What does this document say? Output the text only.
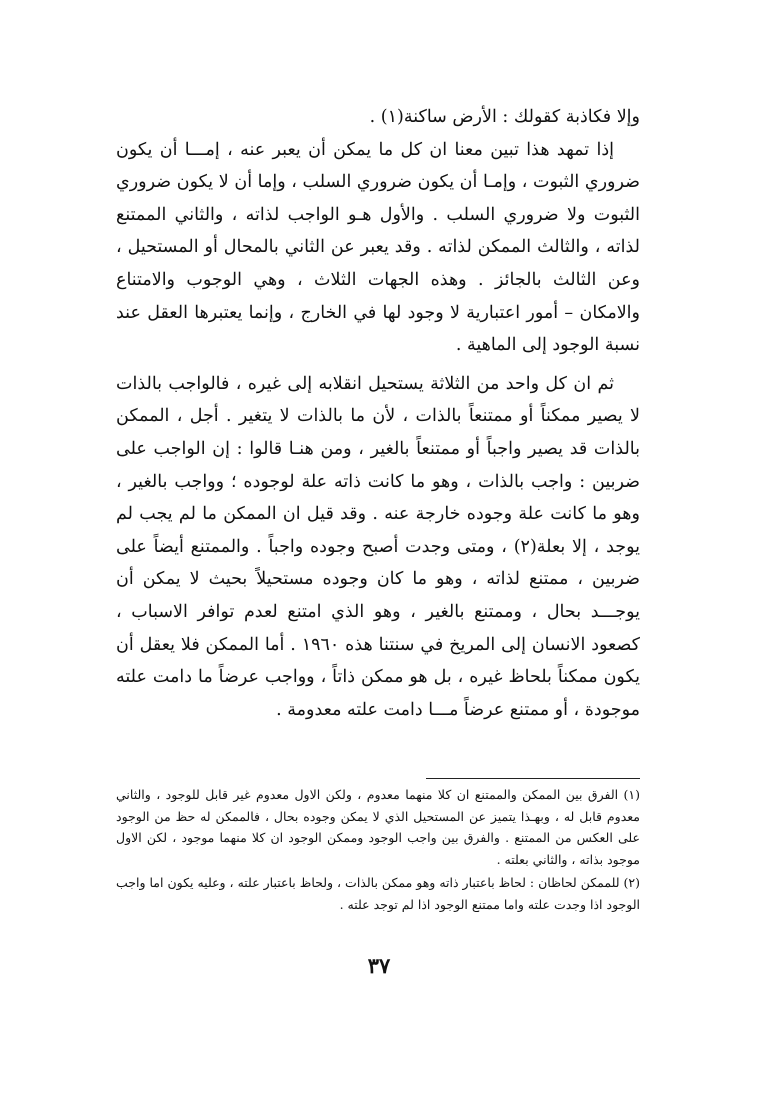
وإلا فكاذبة كقولك : الأرض ساكنة(١) .

إذا تمهد هذا تبين معنا ان كل ما يمكن أن يعبر عنه ، إمـــا أن يكون ضروري الثبوت ، وإمـا أن يكون ضروري السلب ، وإما أن لا يكون ضروري الثبوت ولا ضروري السلب . والأول هـو الواجب لذاته ، والثاني الممتنع لذاته ، والثالث الممكن لذاته . وقد يعبر عن الثاني بالمحال أو المستحيل ، وعن الثالث بالجائز . وهذه الجهات الثلاث ، وهي الوجوب والامتناع والامكان – أمور اعتبارية لا وجود لها في الخارج ، وإنما يعتبرها العقل عند نسبة الوجود إلى الماهية .

ثم ان كل واحد من الثلاثة يستحيل انقلابه إلى غيره ، فالواجب بالذات لا يصير ممكناً أو ممتنعاً بالذات ، لأن ما بالذات لا يتغير . أجل ، الممكن بالذات قد يصير واجباً أو ممتنعاً بالغير ، ومن هنـا قالوا : إن الواجب على ضربين : واجب بالذات ، وهو ما كانت ذاته علة لوجوده ؛ وواجب بالغير ، وهو ما كانت علة وجوده خارجة عنه . وقد قيل ان الممكن ما لم يجب لم يوجد ، إلا بعلة(٢) ، ومتى وجدت أصبح وجوده واجباً . والممتنع أيضاً على ضربين ، ممتنع لذاته ، وهو ما كان وجوده مستحيلاً بحيث لا يمكن أن يوجـــد بحال ، وممتنع بالغير ، وهو الذي امتنع لعدم توافر الاسباب ، كصعود الانسان إلى المريخ في سنتنا هذه ١٩٦٠ . أما الممكن فلا يعقل أن يكون ممكناً بلحاظ غيره ، بل هو ممكن ذاتاً ، وواجب عرضاً ما دامت علته موجودة ، أو ممتنع عرضاً مـــا دامت علته معدومة .

(١) الفرق بين الممكن والممتنع ان كلا منهما معدوم ، ولكن الاول معدوم غير قابل للوجود ، والثاني معدوم قابل له ، وبهـذا يتميز عن المستحيل الذي لا يمكن وجوده بحال ، فالممكن له حظ من الوجود على العكس من الممتنع . والفرق بين واجب الوجود وممكن الوجود ان كلا منهما موجود ، لكن الاول موجود بذاته ، والثاني بعلته .

(٢) للممكن لحاظان : لحاظ باعتبار ذاته وهو ممكن بالذات ، ولحاظ باعتبار علته ، وعليه يكون اما واجب الوجود اذا وجدت علته واما ممتنع الوجود اذا لم توجد علته .

٣٧
